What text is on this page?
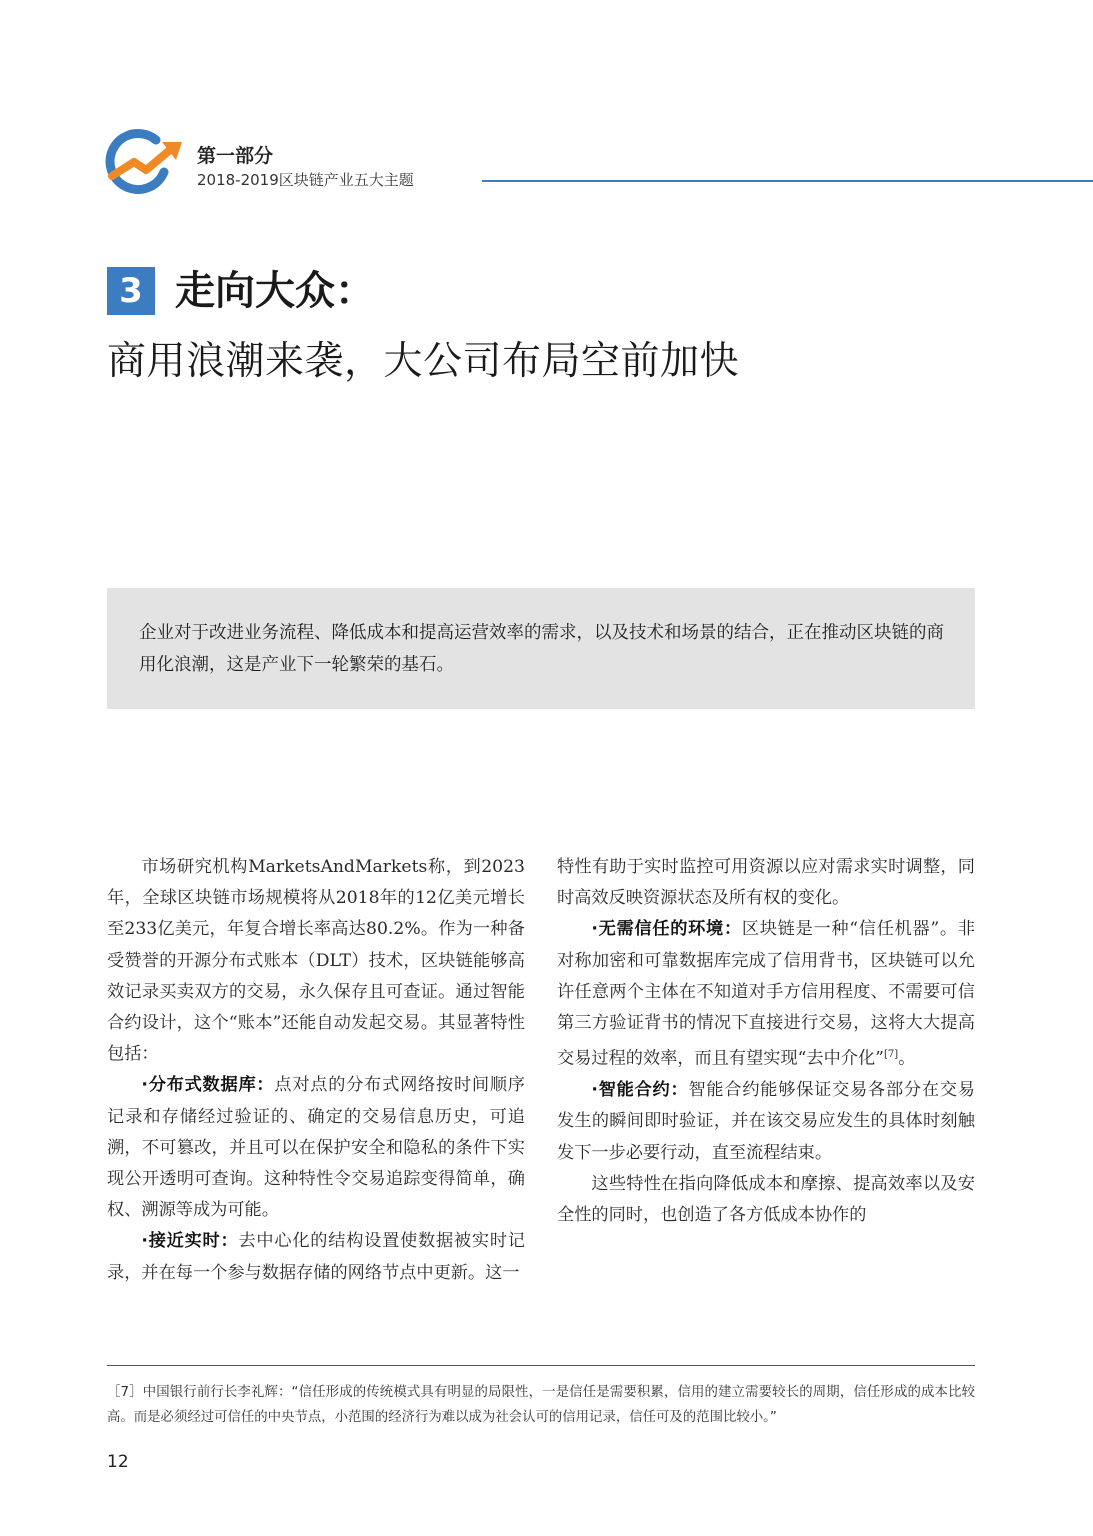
第一部分
2018-2019区块链产业五大主题
3 走向大众：
商用浪潮来袭，大公司布局空前加快
企业对于改进业务流程、降低成本和提高运营效率的需求，以及技术和场景的结合，正在推动区块链的商用化浪潮，这是产业下一轮繁荣的基石。

市场研究机构MarketsAndMarkets称，到2023年，全球区块链市场规模将从2018年的12亿美元增长至233亿美元，年复合增长率高达80.2%。作为一种备受赞誉的开源分布式账本（DLT）技术，区块链能够高效记录买卖双方的交易，永久保存且可查证。通过智能合约设计，这个“账本”还能自动发起交易。其显著特性包括：

·分布式数据库：点对点的分布式网络按时间顺序记录和存储经过验证的、确定的交易信息历史，可追溯，不可篡改，并且可以在保护安全和隐私的条件下实现公开透明可查询。这种特性令交易追踪变得简单，确权、溯源等成为可能。

·接近实时：去中心化的结构设置使数据被实时记录，并在每一个参与数据存储的网络节点中更新。这一

特性有助于实时监控可用资源以应对需求实时调整，同时高效反映资源状态及所有权的变化。

·无需信任的环境：区块链是一种“信任机器”。非对称加密和可靠数据库完成了信用背书，区块链可以允许任意两个主体在不知道对手方信用程度、不需要可信第三方验证背书的情况下直接进行交易，这将大大提高交易过程的效率，而且有望实现“去中介化”[7]。

·智能合约：智能合约能够保证交易各部分在交易发生的瞬间即时验证，并在该交易应发生的具体时刻触发下一步必要行动，直至流程结束。

这些特性在指向降低成本和摩擦、提高效率以及安全性的同时，也创造了各方低成本协作的

［7］中国银行前行长李礼辉：“信任形成的传统模式具有明显的局限性，一是信任是需要积累，信用的建立需要较长的周期，信任形成的成本比较高。而是必须经过可信任的中央节点，小范围的经济行为难以成为社会认可的信用记录，信任可及的范围比较小。”
12
